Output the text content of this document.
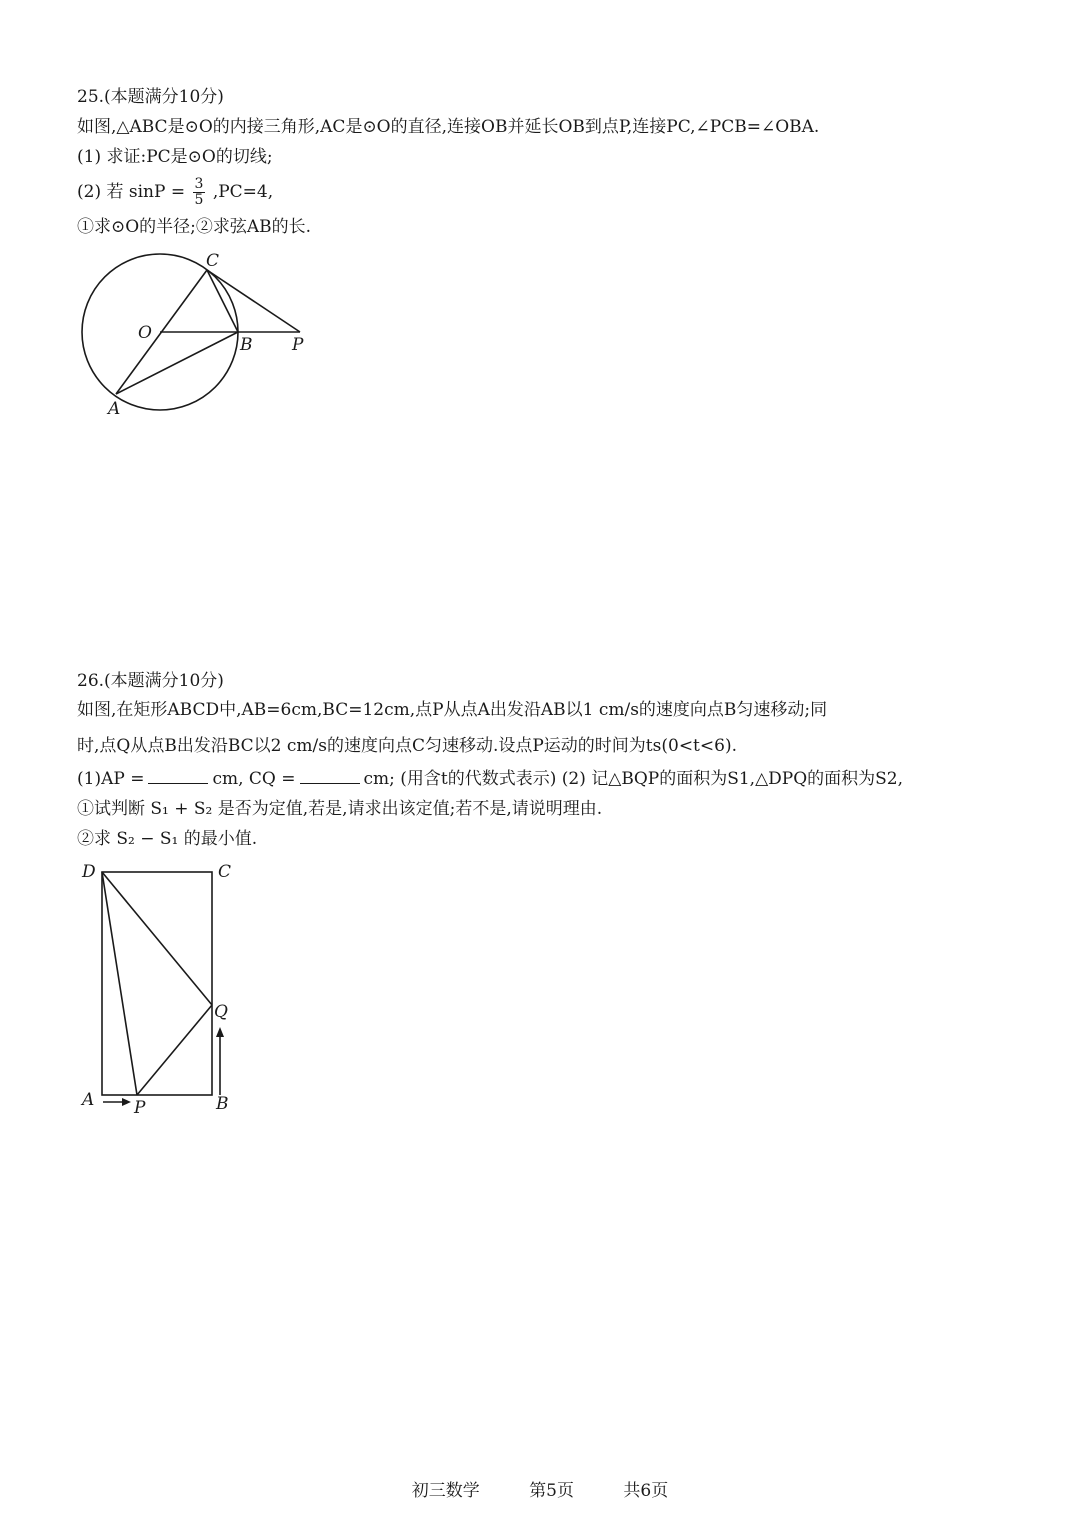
25.(本题满分10分)
如图,△ABC是⊙O的内接三角形,AC是⊙O的直径,连接OB并延长OB到点P,连接PC,∠PCB=∠OBA.
(1) 求证:PC是⊙O的切线;
(2) 若 $\sin P = \frac{3}{5} ,PC=4$,
①求⊙O的半径;②求弦AB的长.
C
O
B P
A
26.(本题满分10分)
如图,在矩形ABCD中,AB=6cm,BC=12cm,点P从点A出发沿AB以1 cm/s的速度向点B匀速移动;同
时,点Q从点B出发沿BC以2 cm/s的速度向点C匀速移动.设点P运动的时间为ts(0<t<6).
(1)AP =	cm, CQ =	cm; (用含t的代数式表示) (2) 记△BQP的面积为S1,△DPQ的面积为S2,
①试判断 S₁ + S₂ 是否为定值,若是,请求出该定值;若不是,请说明理由.
②求 S₂ − S₁ 的最小值.
D	C
Q
A P	B
初三数学	第5页	共6页
